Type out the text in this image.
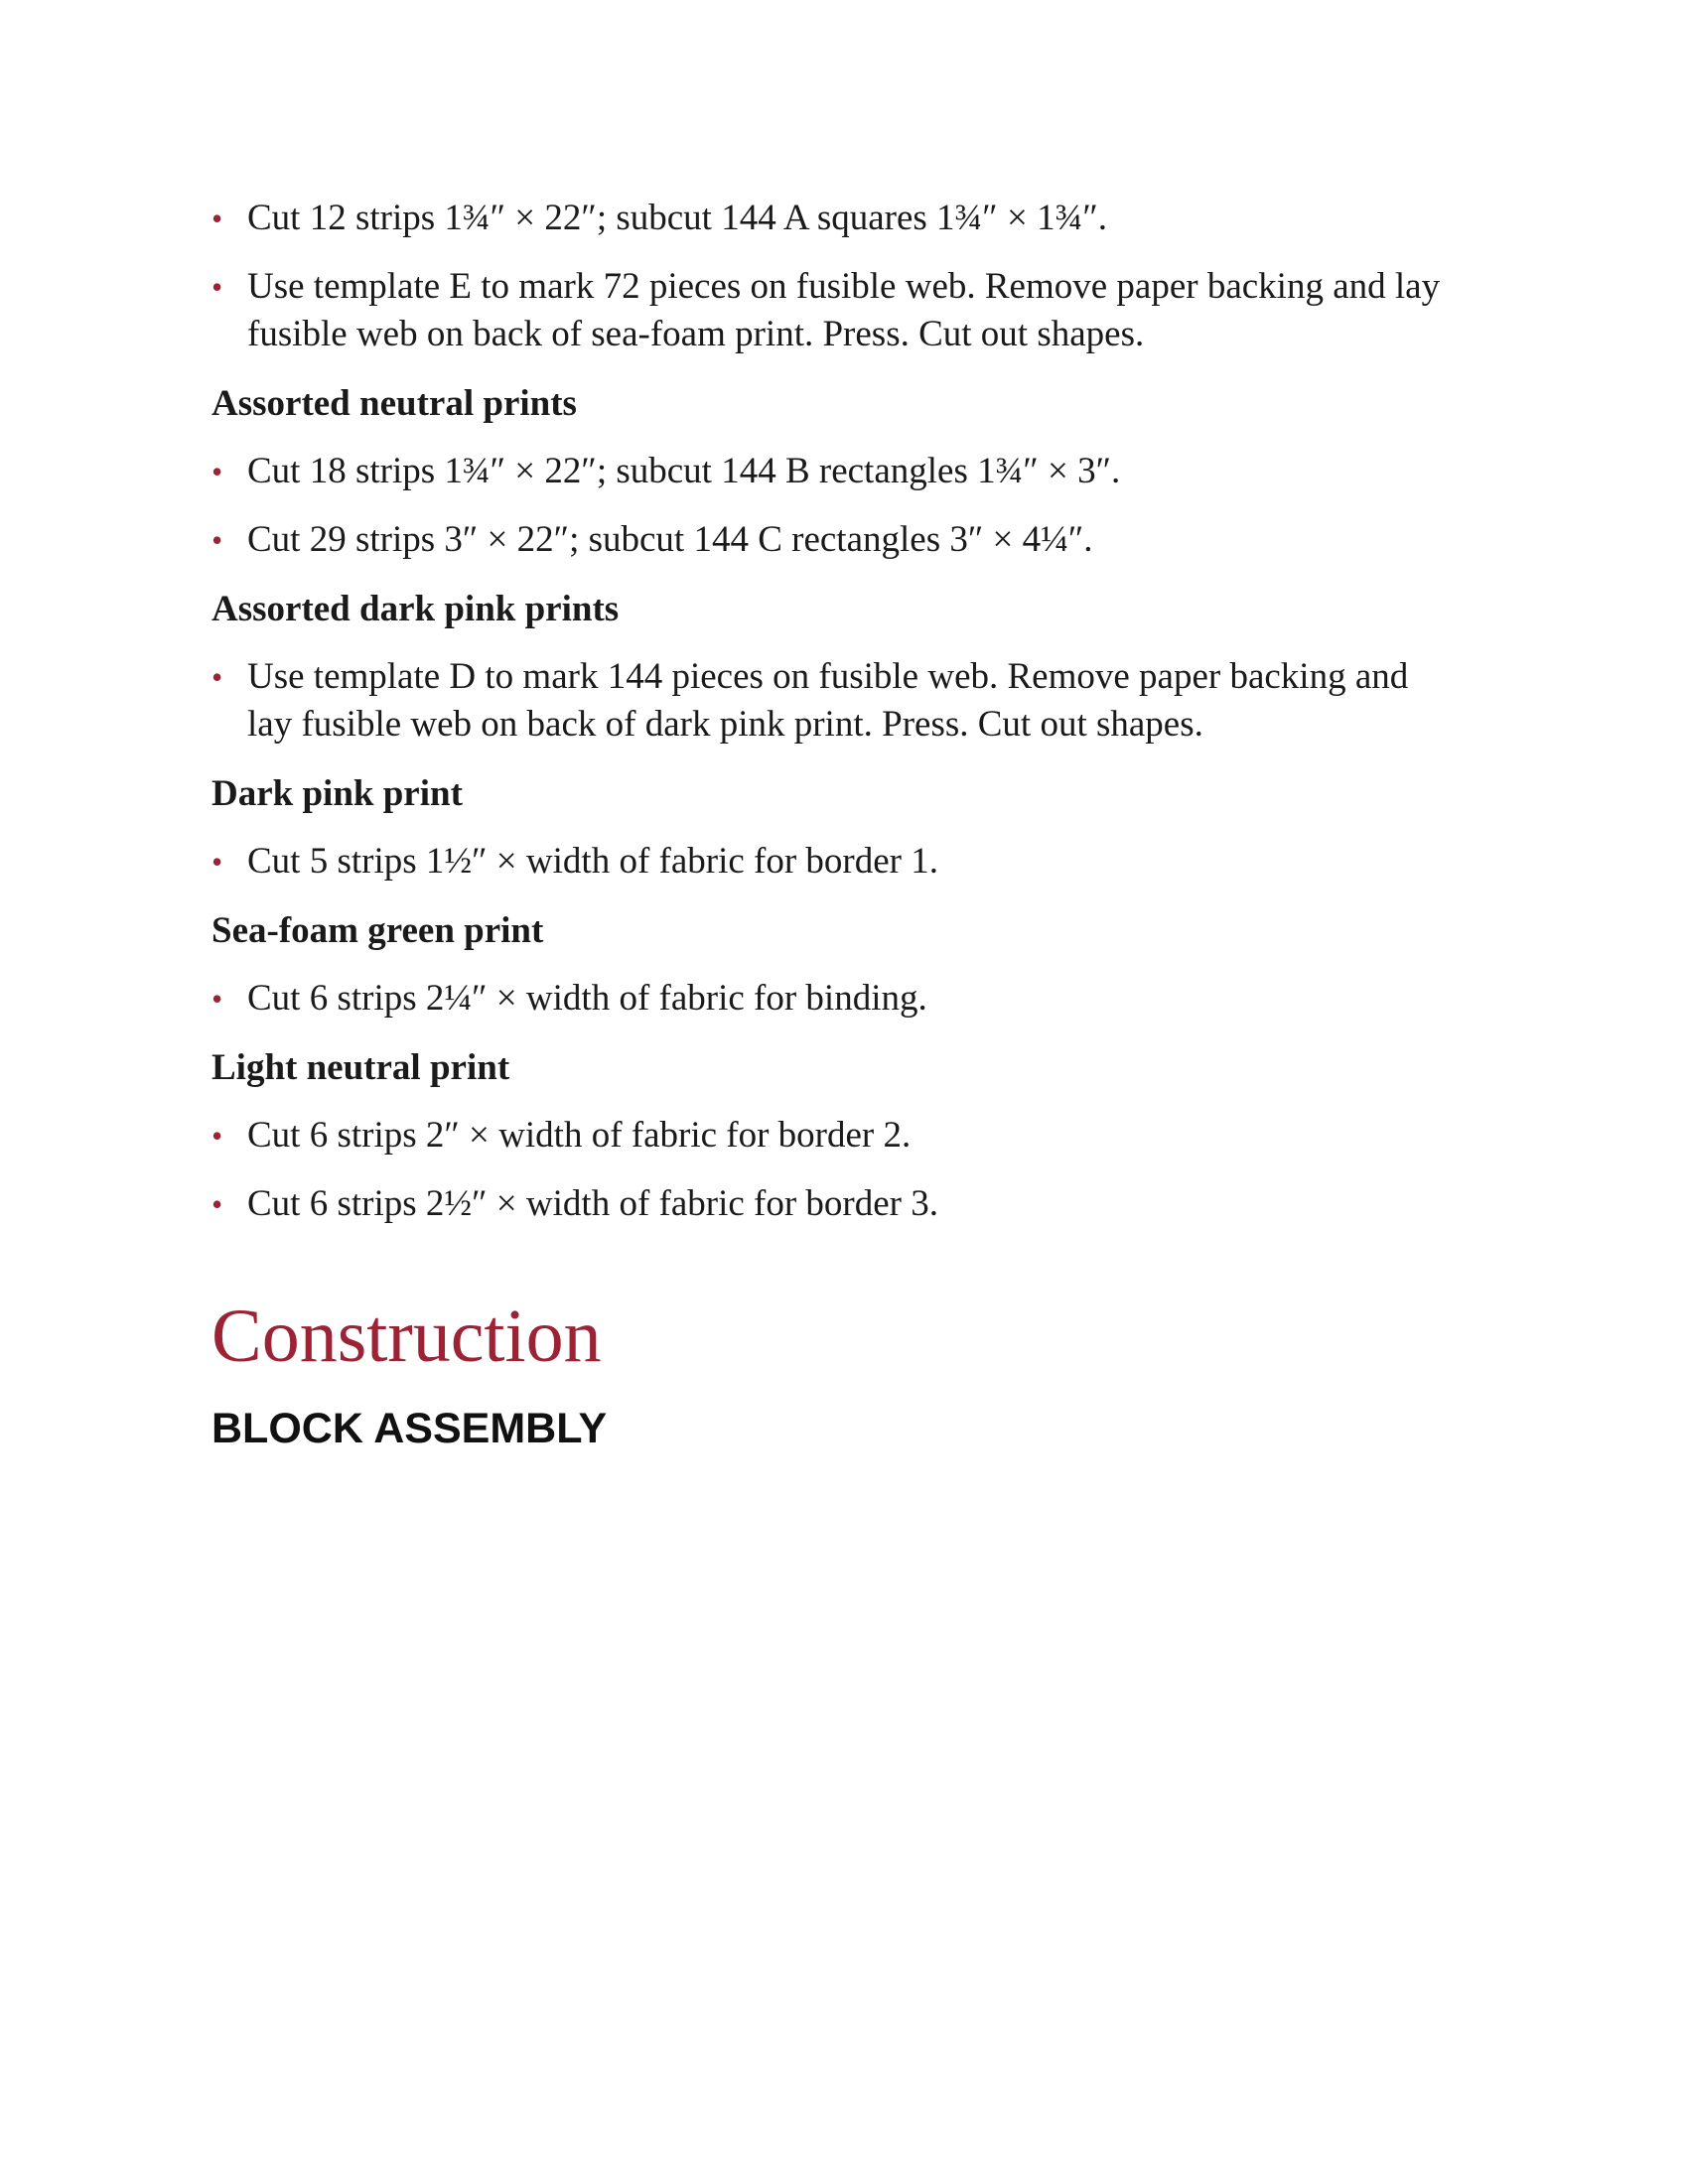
• Cut 12 strips 1¾″ × 22″; subcut 144 A squares 1¾″ × 1¾″.
• Use template E to mark 72 pieces on fusible web. Remove paper backing and lay fusible web on back of sea-foam print. Press. Cut out shapes.
Assorted neutral prints
• Cut 18 strips 1¾″ × 22″; subcut 144 B rectangles 1¾″ × 3″.
• Cut 29 strips 3″ × 22″; subcut 144 C rectangles 3″ × 4¼″.
Assorted dark pink prints
• Use template D to mark 144 pieces on fusible web. Remove paper backing and lay fusible web on back of dark pink print. Press. Cut out shapes.
Dark pink print
• Cut 5 strips 1½″ × width of fabric for border 1.
Sea-foam green print
• Cut 6 strips 2¼″ × width of fabric for binding.
Light neutral print
• Cut 6 strips 2″ × width of fabric for border 2.
• Cut 6 strips 2½″ × width of fabric for border 3.
Construction
BLOCK ASSEMBLY
